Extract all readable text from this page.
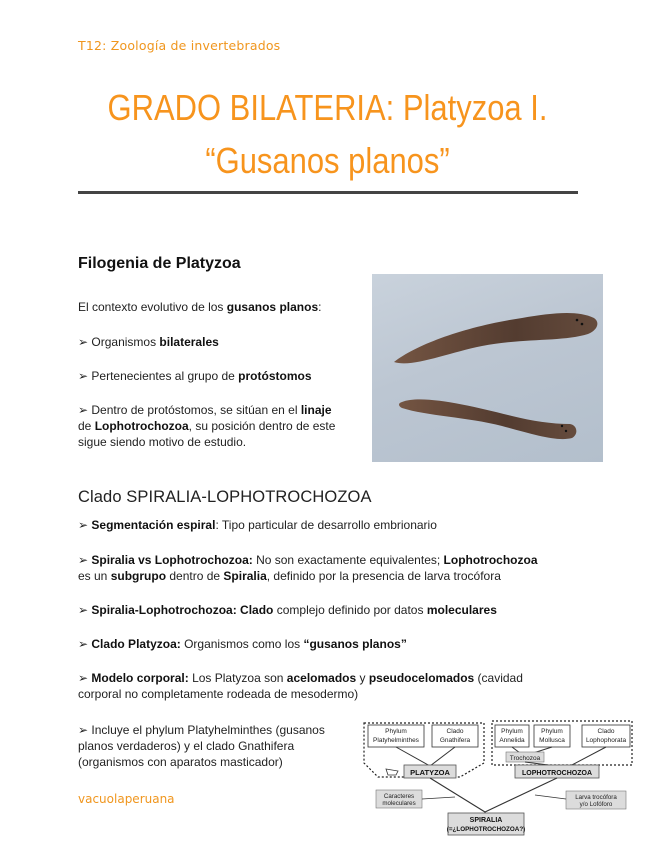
T12: Zoología de invertebrados
GRADO BILATERIA: Platyzoa I.
“Gusanos planos”
Filogenia de Platyzoa
El contexto evolutivo de los gusanos planos:
➢ Organismos bilaterales
➢ Pertenecientes al grupo de protóstomos
➢ Dentro de protóstomos, se sitúan en el linaje
de Lophotrochozoa, su posición dentro de este
sigue siendo motivo de estudio.
Clado SPIRALIA-LOPHOTROCHOZOA
➢ Segmentación espiral: Tipo particular de desarrollo embrionario
➢ Spiralia vs Lophotrochozoa: No son exactamente equivalentes; Lophotrochozoa
es un subgrupo dentro de Spiralia, definido por la presencia de larva trocófora
➢ Spiralia-Lophotrochozoa: Clado complejo definido por datos moleculares
➢ Clado Platyzoa: Organismos como los “gusanos planos”
➢ Modelo corporal: Los Platyzoa son acelomados y pseudocelomados (cavidad
corporal no completamente rodeada de mesodermo)
➢ Incluye el phylum Platyhelminthes (gusanos
planos verdaderos) y el clado Gnathifera
(organismos con aparatos masticador)
Phylum
Platyhelminthes
Clado
Gnathifera
Phylum
Annelida
Phylum
Mollusca
Clado
Lophophorata
Trochozoa
PLATYZOA	LOPHOTROCHOZOA
Caracteres
moleculares
Larva trocófora
y/o Lofóforo
SPIRALIA
(=¿LOPHOTROCHOZOA?)
vacuolaperuana
